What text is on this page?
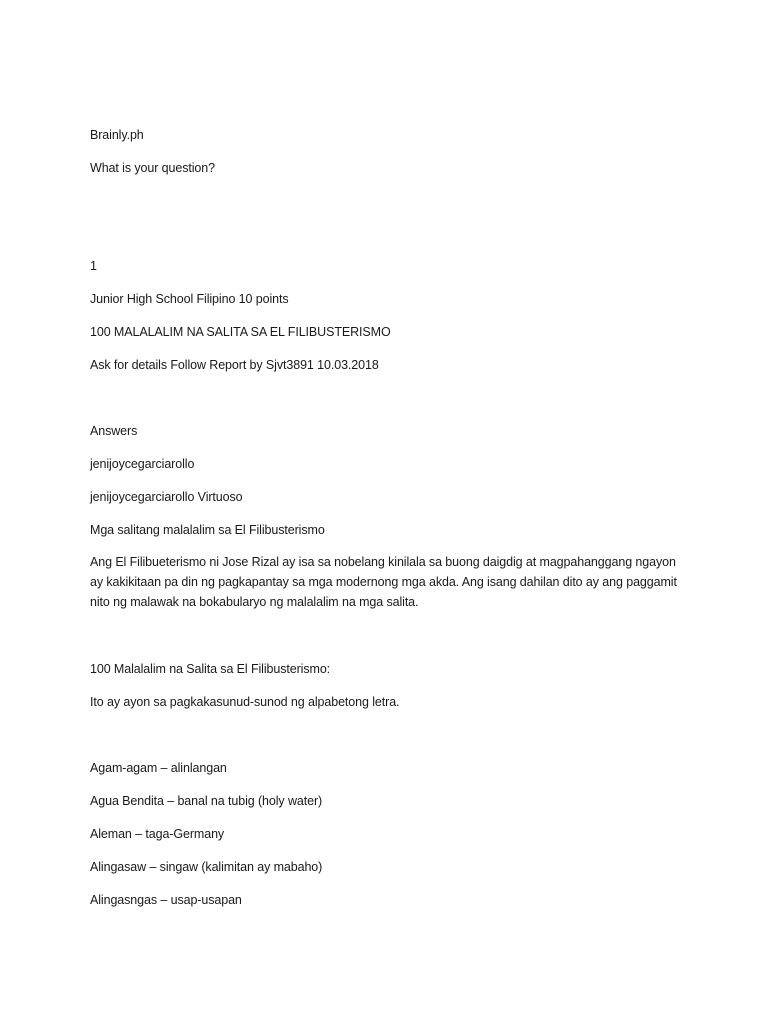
Brainly.ph
What is your question?
1
Junior High School Filipino 10 points
100 MALALALIM NA SALITA SA EL FILIBUSTERISMO
Ask for details Follow Report by Sjvt3891 10.03.2018
Answers
jenijoycegarciarollo
jenijoycegarciarollo Virtuoso
Mga salitang malalalim sa El Filibusterismo
Ang El Filibueterismo ni Jose Rizal ay isa sa nobelang kinilala sa buong daigdig at magpahanggang ngayon ay kakikitaan pa din ng pagkapantay sa mga modernong mga akda. Ang isang dahilan dito ay ang paggamit nito ng malawak na bokabularyo ng malalalim na mga salita.
100 Malalalim na Salita sa El Filibusterismo:
Ito ay ayon sa pagkakasunud-sunod ng alpabetong letra.
Agam-agam – alinlangan
Agua Bendita – banal na tubig (holy water)
Aleman – taga-Germany
Alingasaw – singaw (kalimitan ay mabaho)
Alingasngas – usap-usapan
